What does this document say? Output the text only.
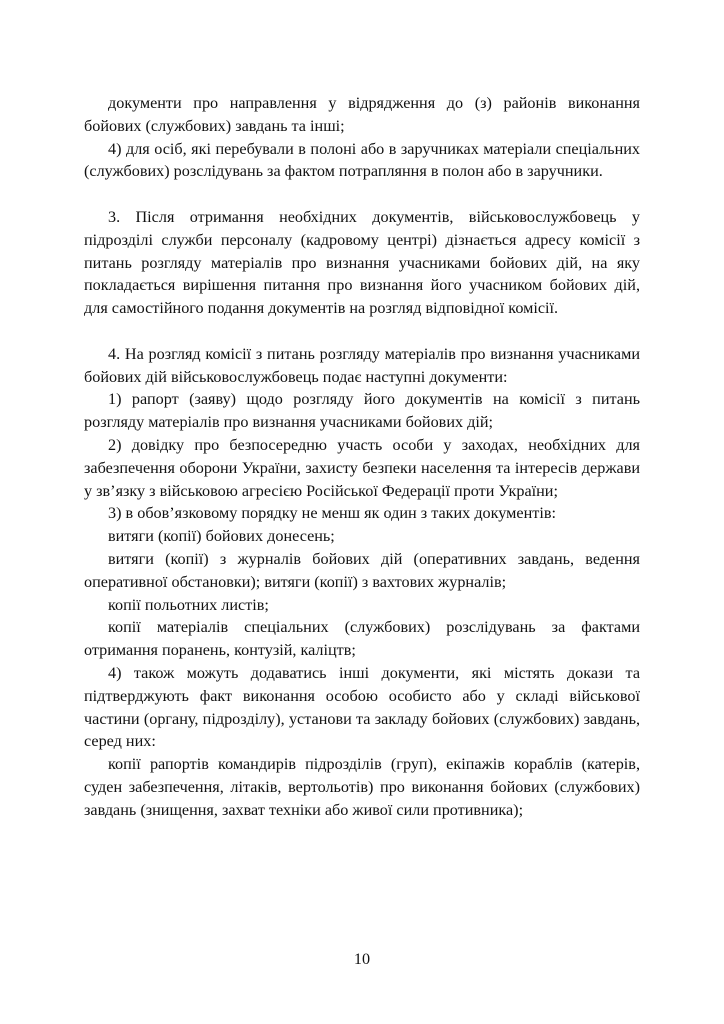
документи про направлення у відрядження до (з) районів виконання бойових (службових) завдань та інші;

4) для осіб, які перебували в полоні або в заручниках матеріали спеціальних (службових) розслідувань за фактом потрапляння в полон або в заручники.

3. Після отримання необхідних документів, військовослужбовець у підрозділі служби персоналу (кадровому центрі) дізнається адресу комісії з питань розгляду матеріалів про визнання учасниками бойових дій, на яку покладається вирішення питання про визнання його учасником бойових дій, для самостійного подання документів на розгляд відповідної комісії.

4. На розгляд комісії з питань розгляду матеріалів про визнання учасниками бойових дій військовослужбовець подає наступні документи:

1) рапорт (заяву) щодо розгляду його документів на комісії з питань розгляду матеріалів про визнання учасниками бойових дій;

2) довідку про безпосередню участь особи у заходах, необхідних для забезпечення оборони України, захисту безпеки населення та інтересів держави у зв’язку з військовою агресією Російської Федерації проти України;

3) в обов’язковому порядку не менш як один з таких документів:

витяги (копії) бойових донесень;

витяги (копії) з журналів бойових дій (оперативних завдань, ведення оперативної обстановки); витяги (копії) з вахтових журналів;

копії польотних листів;

копії матеріалів спеціальних (службових) розслідувань за фактами отримання поранень, контузій, каліцтв;

4) також можуть додаватись інші документи, які містять докази та підтверджують факт виконання особою особисто або у складі військової частини (органу, підрозділу), установи та закладу бойових (службових) завдань, серед них:

копії рапортів командирів підрозділів (груп), екіпажів кораблів (катерів, суден забезпечення, літаків, вертольотів) про виконання бойових (службових) завдань (знищення, захват техніки або живої сили противника);

10
